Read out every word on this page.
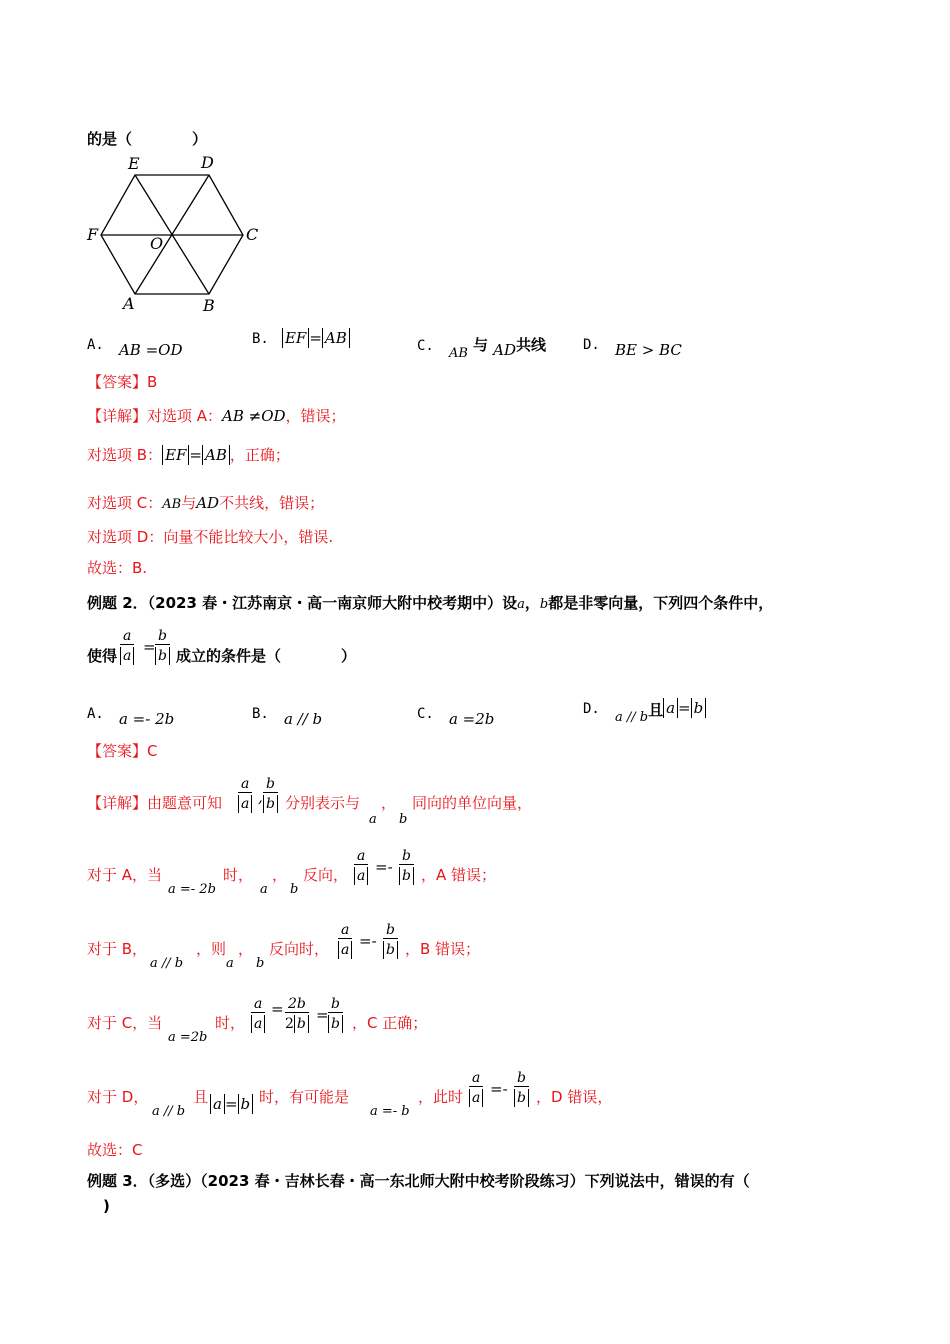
的是（　　　　）
E	D
F	O	C
A	B
A. AB =OD
B. EF = AB	C. $_{AB}$ 与 AD共线	D. BE > BC
【答案】B
【详解】对选项 A：AB ≠OD，错误；
对选项 B： EF = AB ，正确；
对选项 C：AB与AD不共线，错误；
对选项 D：向量不能比较大小，错误.
故选：B.
例题 2．（2023 春・江苏南京・高一南京师大附中校考期中）设a，b都是非零向量，下列四个条件中，
使得
a
a =
b
b 成立的条件是（　　　　）
A. a =- 2b	B. a // b	C. a =2b
D. $_{a // b}$且 a = b
【答案】C
【详解】由题意可知
a
a ,
b
b 分别表示与
a
，
b
同向的单位向量，
对于 A，当
a =- 2b
时，
a
，
b
反向，
a
a =-
b
b ，A 错误；
对于 B，
a // b
，则
a
，
b
反向时，
a
a =-
b
b ，B 错误；
对于 C，当
a =2b
时，
a
a
= 2b
2 b =
b
b ，C 正确；
对于 D，
a // b
且 a = b 时，有可能是
a =- b
，此时
a
a =-
b
b ，D 错误，
故选：C
例题 3．（多选）（2023 春・吉林长春・高一东北师大附中校考阶段练习）下列说法中，错误的有（
)
